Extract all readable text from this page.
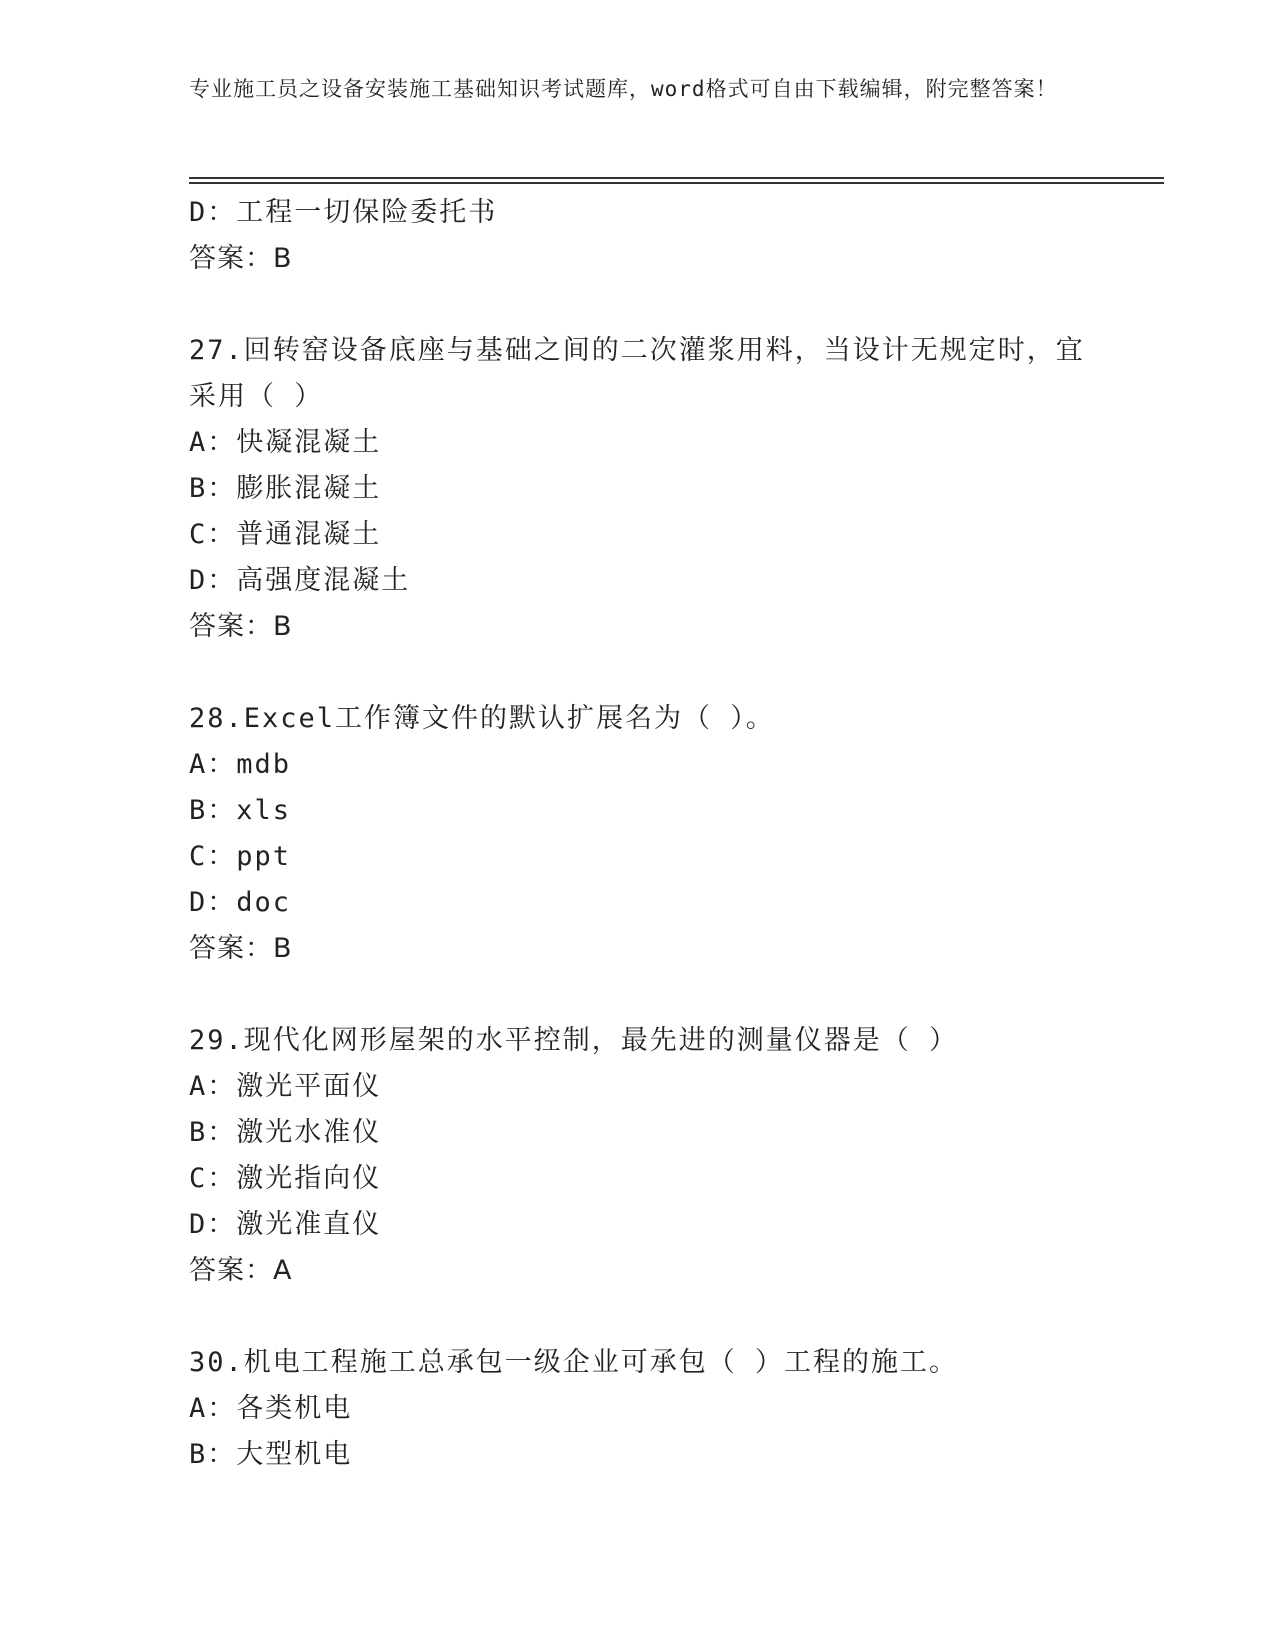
专业施工员之设备安装施工基础知识考试题库，word格式可自由下载编辑，附完整答案！
D：工程一切保险委托书
答案：B
27.回转窑设备底座与基础之间的二次灌浆用料，当设计无规定时，宜采用（ ）
A：快凝混凝土
B：膨胀混凝土
C：普通混凝土
D：高强度混凝土
答案：B
28.Excel工作簿文件的默认扩展名为（ ）。
A：mdb
B：xls
C：ppt
D：doc
答案：B
29.现代化网形屋架的水平控制，最先进的测量仪器是（ ）
A：激光平面仪
B：激光水准仪
C：激光指向仪
D：激光准直仪
答案：A
30.机电工程施工总承包一级企业可承包（ ）工程的施工。
A：各类机电
B：大型机电
